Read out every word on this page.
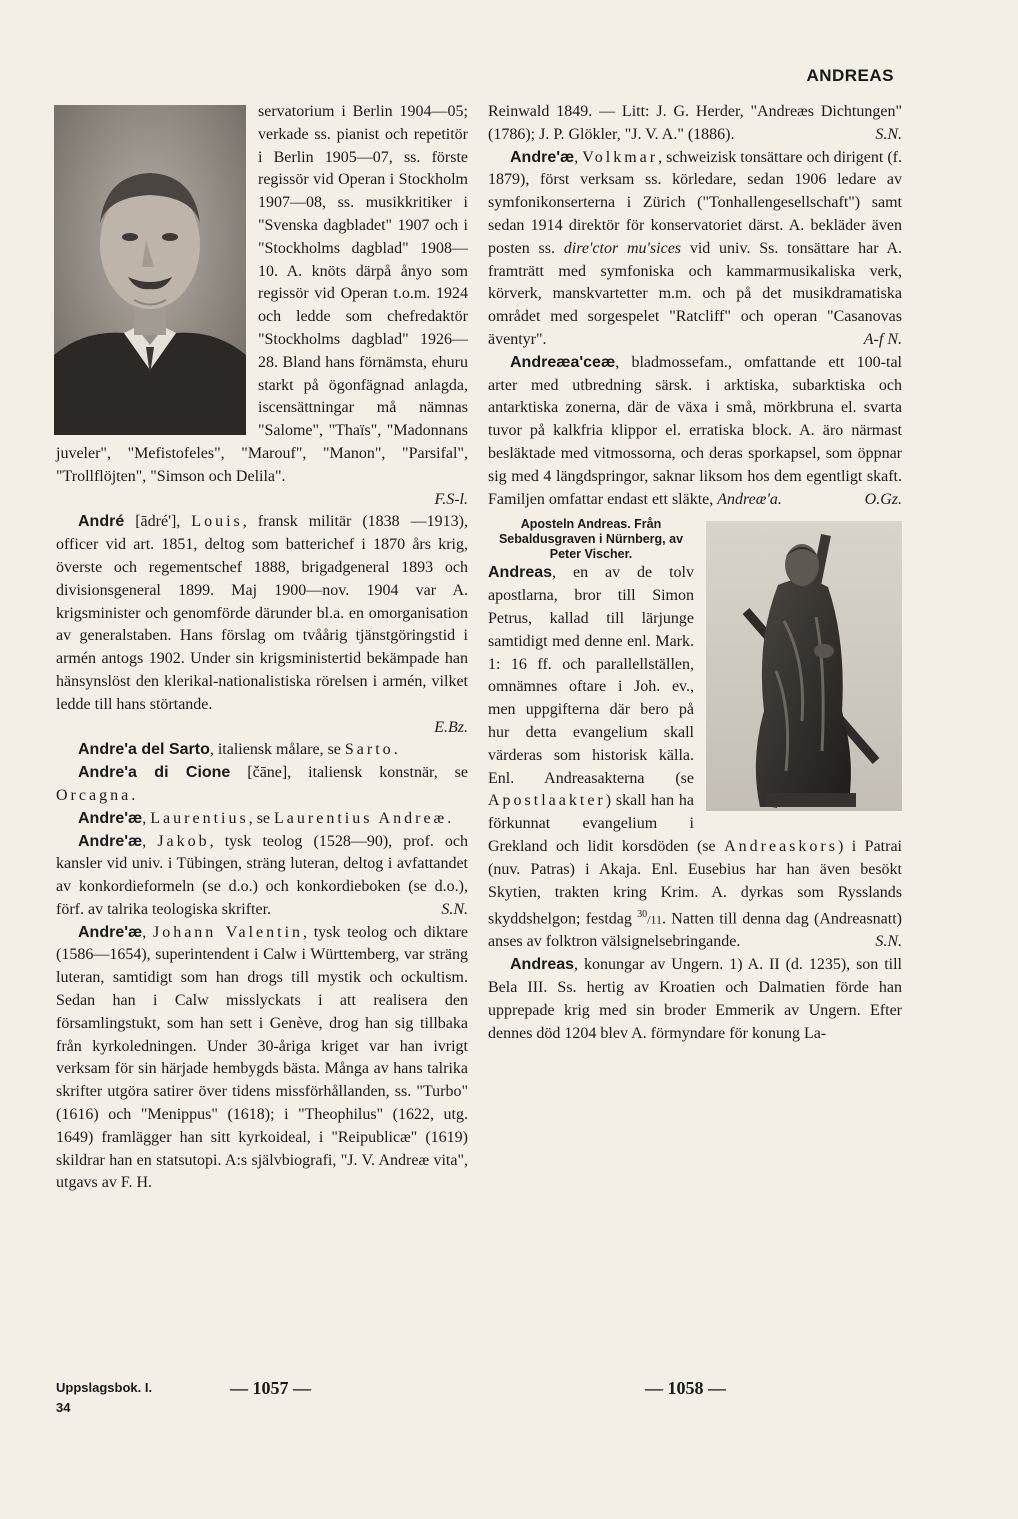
ANDREAS

servatorium i Berlin 1904—05; verkade ss. pianist och repetitör i Berlin 1905—07, ss. förste regissör vid Operan i Stockholm 1907—08, ss. musikkritiker i "Svenska dagbladet" 1907 och i "Stockholms dagblad" 1908—10. A. knöts därpå ånyo som regissör vid Operan t.o.m. 1924 och ledde som chefredaktör "Stockholms dagblad" 1926—28. Bland hans förnämsta, ehuru starkt på ögonfägnad anlagda, iscensättningar må nämnas "Salome", "Thaïs", "Madonnans juveler", "Mefistofeles", "Marouf", "Manon", "Parsifal", "Trollflöjten", "Simson och Delila".

F.S-l.

André [ādré'], Louis, fransk militär (1838 —1913), officer vid art. 1851, deltog som batterichef i 1870 års krig, överste och regementschef 1888, brigadgeneral 1893 och divisionsgeneral 1899. Maj 1900—nov. 1904 var A. krigsminister och genomförde därunder bl.a. en omorganisation av generalstaben. Hans förslag om tvåårig tjänstgöringstid i armén antogs 1902. Under sin krigsministertid bekämpade han hänsynslöst den klerikal-nationalistiska rörelsen i armén, vilket ledde till hans störtande.

E.Bz.

Andre'a del Sarto, italiensk målare, se Sarto.

Andre'a di Cione [čāne], italiensk konstnär, se Orcagna.

Andre'æ, Laurentius, se Laurentius Andreæ.

Andre'æ, Jakob, tysk teolog (1528—90), prof. och kansler vid univ. i Tübingen, sträng luteran, deltog i avfattandet av konkordieformeln (se d.o.) och konkordieboken (se d.o.), förf. av talrika teologiska skrifter.	S.N.

Andre'æ, Johann Valentin, tysk teolog och diktare (1586—1654), superintendent i Calw i Württemberg, var sträng luteran, samtidigt som han drogs till mystik och ockultism. Sedan han i Calw misslyckats i att realisera den församlingstukt, som han sett i Genève, drog han sig tillbaka från kyrkoledningen. Under 30-åriga kriget var han ivrigt verksam för sin härjade hembygds bästa. Många av hans talrika skrifter utgöra satirer över tidens missförhållanden, ss. "Turbo" (1616) och "Menippus" (1618); i "Theophilus" (1622, utg. 1649) framlägger han sitt kyrkoideal, i "Reipublicæ" (1619) skildrar han en statsutopi. A:s självbiografi, "J. V. Andreæ vita", utgavs av F. H.

Reinwald 1849. — Litt: J. G. Herder, "Andreæs Dichtungen" (1786); J. P. Glökler, "J. V. A." (1886).	S.N.

Andre'æ, Volkmar, schweizisk tonsättare och dirigent (f. 1879), först verksam ss. körledare, sedan 1906 ledare av symfonikonserterna i Zürich ("Tonhallengesellschaft") samt sedan 1914 direktör för konservatoriet därst. A. bekläder även posten ss. dire'ctor mu'sices vid univ. Ss. tonsättare har A. framträtt med symfoniska och kammarmusikaliska verk, körverk, manskvartetter m.m. och på det musikdramatiska området med sorgespelet "Ratcliff" och operan "Casanovas äventyr".	A-f N.

Andreæa'ceæ, bladmossefam., omfattande ett 100-tal arter med utbredning särsk. i arktiska, subarktiska och antarktiska zonerna, där de växa i små, mörkbruna el. svarta tuvor på kalkfria klippor el. erratiska block. A. äro närmast besläktade med vitmossorna, och deras sporkapsel, som öppnar sig med 4 längdspringor, saknar liksom hos dem egentligt skaft. Familjen omfattar endast ett släkte, Andreæ'a.	O.Gz.

Aposteln Andreas. Från Sebaldusgraven i Nürnberg, av Peter Vischer.
Andreas, en av de tolv apostlarna, bror till Simon Petrus, kallad till lärjunge samtidigt med denne enl. Mark. 1: 16 ff. och parallellställen, omnämnes oftare i Joh. ev., men uppgifterna där bero på hur detta evangelium skall värderas som historisk källa. Enl. Andreasakterna (se Apostlaakter) skall han ha förkunnat evangelium i Grekland och lidit korsdöden (se Andreaskors) i Patrai (nuv. Patras) i Akaja. Enl. Eusebius har han även besökt Skytien, trakten kring Krim. A. dyrkas som Rysslands skyddshelgon; festdag $^{30}$/11. Natten till denna dag (Andreasnatt) anses av folktron välsignelsebringande.	S.N.

Andreas, konungar av Ungern. 1) A. II (d. 1235), son till Bela III. Ss. hertig av Kroatien och Dalmatien förde han upprepade krig med sin broder Emmerik av Ungern. Efter dennes död 1204 blev A. förmyndare för konung La-

Uppslagsbok. I.
34
— 1057 —	— 1058 —
